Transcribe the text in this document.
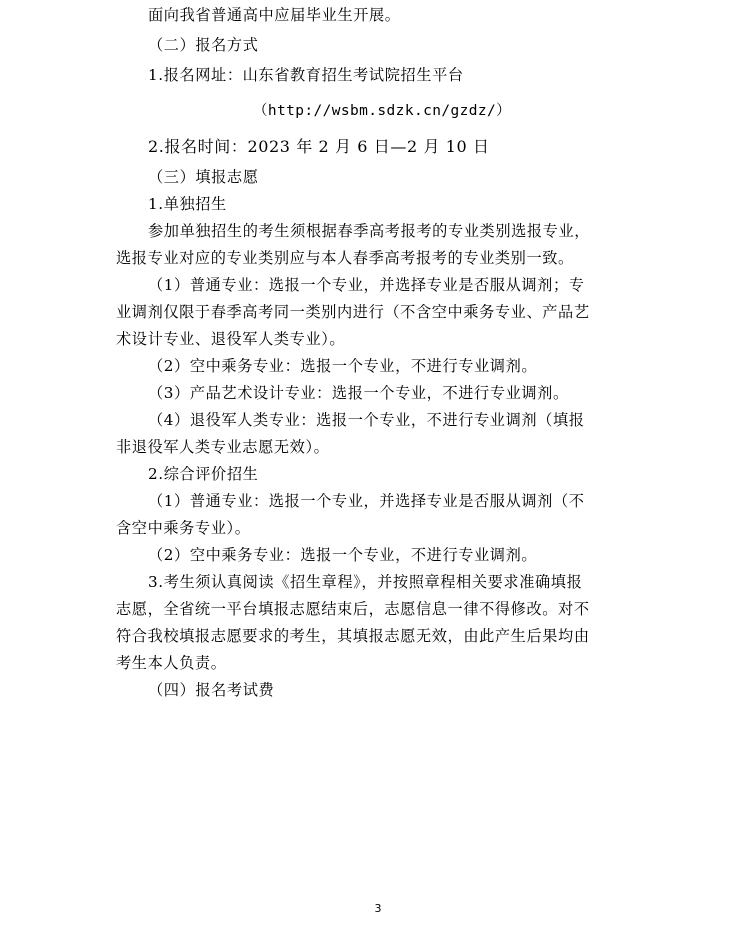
面向我省普通高中应届毕业生开展。
（二）报名方式
1.报名网址：山东省教育招生考试院招生平台
（http://wsbm.sdzk.cn/gzdz/）
2.报名时间：2023 年 2 月 6 日—2 月 10 日
（三）填报志愿
1.单独招生
参加单独招生的考生须根据春季高考报考的专业类别选报专业，
选报专业对应的专业类别应与本人春季高考报考的专业类别一致。
（1）普通专业：选报一个专业，并选择专业是否服从调剂；专
业调剂仅限于春季高考同一类别内进行（不含空中乘务专业、产品艺
术设计专业、退役军人类专业）。
（2）空中乘务专业：选报一个专业，不进行专业调剂。
（3）产品艺术设计专业：选报一个专业，不进行专业调剂。
（4）退役军人类专业：选报一个专业，不进行专业调剂（填报
非退役军人类专业志愿无效）。
2.综合评价招生
（1）普通专业：选报一个专业，并选择专业是否服从调剂（不
含空中乘务专业）。
（2）空中乘务专业：选报一个专业，不进行专业调剂。
3.考生须认真阅读《招生章程》，并按照章程相关要求准确填报
志愿，全省统一平台填报志愿结束后，志愿信息一律不得修改。对不
符合我校填报志愿要求的考生，其填报志愿无效，由此产生后果均由
考生本人负责。
（四）报名考试费
3
